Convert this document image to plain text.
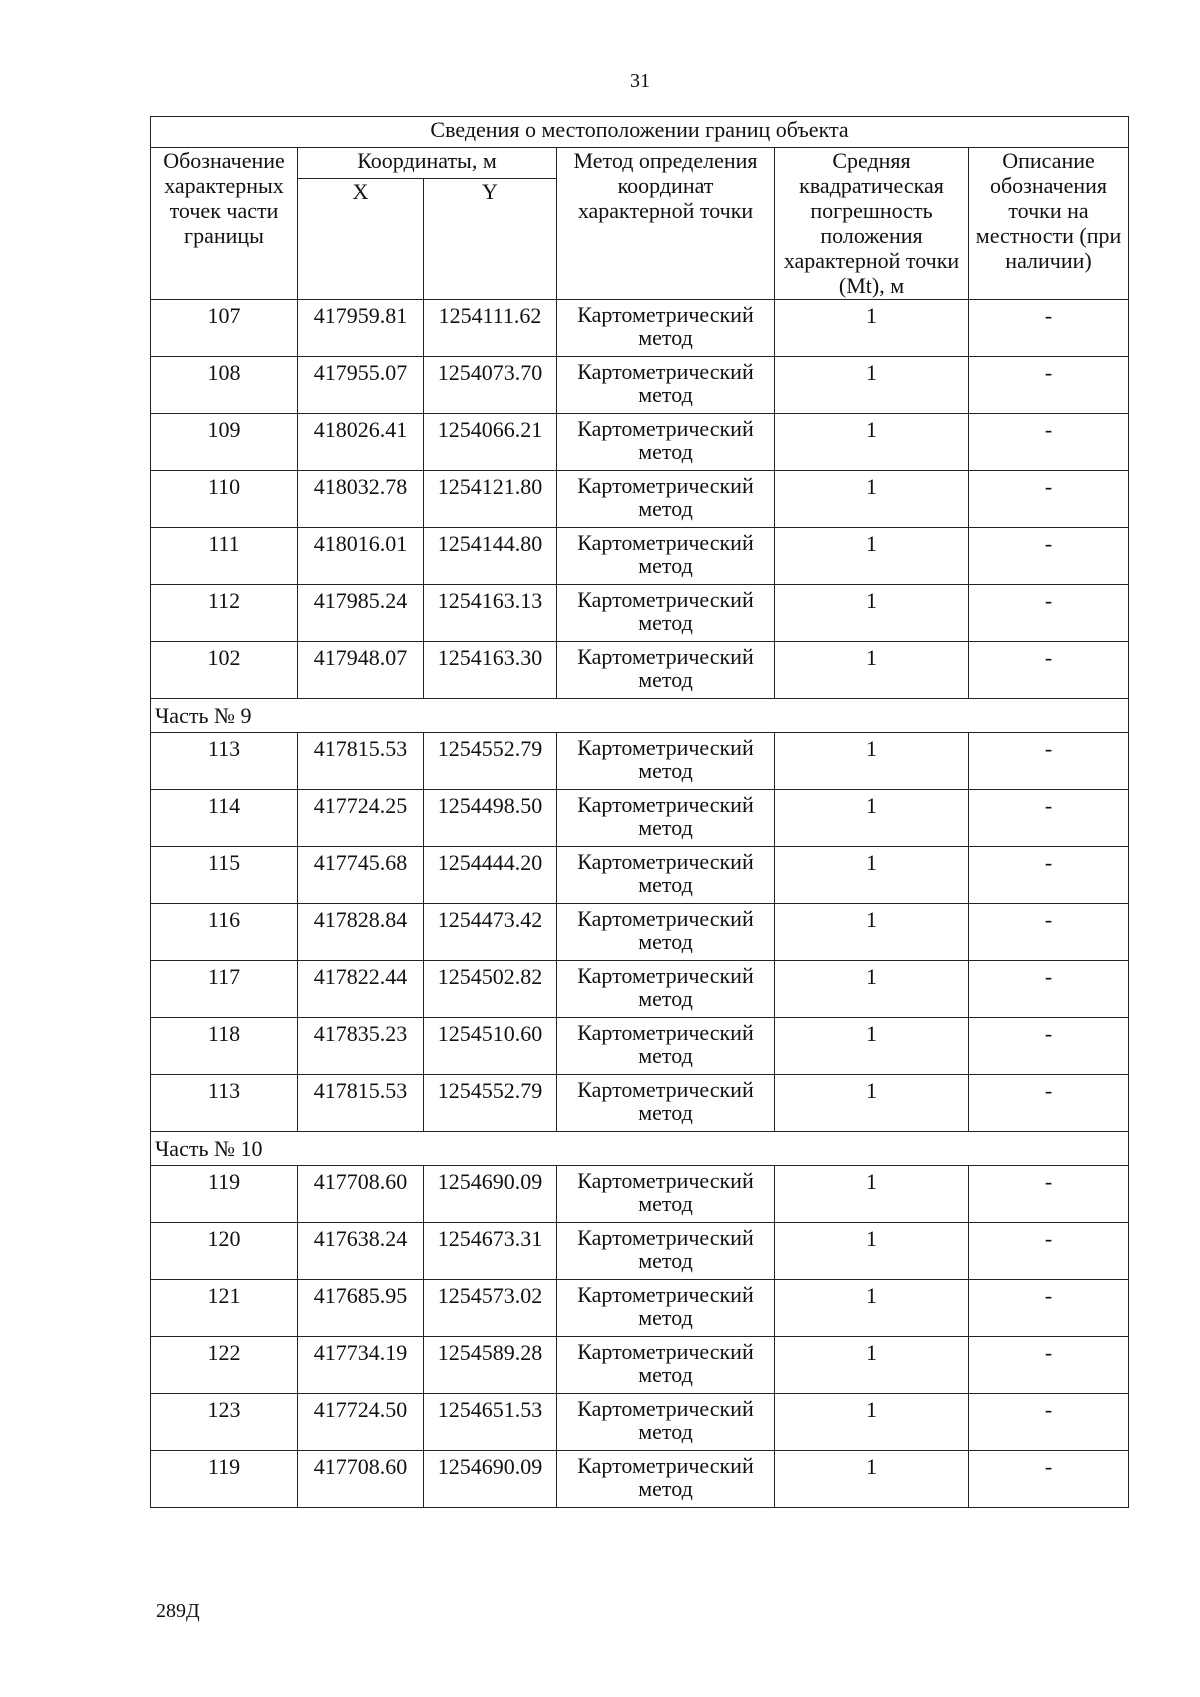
31
Сведения о местоположении границ объекта					
Обозначение характерных точек части границы	Координаты, м		Метод определения координат характерной точки	Средняя квадратическая погрешность положения характерной точки (Mt), м	Описание обозначения точки на местности (при наличии)
	X	Y			
107	417959.81	1254111.62	Картометрический метод	1	-
108	417955.07	1254073.70	Картометрический метод	1	-
109	418026.41	1254066.21	Картометрический метод	1	-
110	418032.78	1254121.80	Картометрический метод	1	-
111	418016.01	1254144.80	Картометрический метод	1	-
112	417985.24	1254163.13	Картометрический метод	1	-
102	417948.07	1254163.30	Картометрический метод	1	-
Часть № 9					
113	417815.53	1254552.79	Картометрический метод	1	-
114	417724.25	1254498.50	Картометрический метод	1	-
115	417745.68	1254444.20	Картометрический метод	1	-
116	417828.84	1254473.42	Картометрический метод	1	-
117	417822.44	1254502.82	Картометрический метод	1	-
118	417835.23	1254510.60	Картометрический метод	1	-
113	417815.53	1254552.79	Картометрический метод	1	-
Часть № 10					
119	417708.60	1254690.09	Картометрический метод	1	-
120	417638.24	1254673.31	Картометрический метод	1	-
121	417685.95	1254573.02	Картометрический метод	1	-
122	417734.19	1254589.28	Картометрический метод	1	-
123	417724.50	1254651.53	Картометрический метод	1	-
119	417708.60	1254690.09	Картометрический метод	1	-
289Д
